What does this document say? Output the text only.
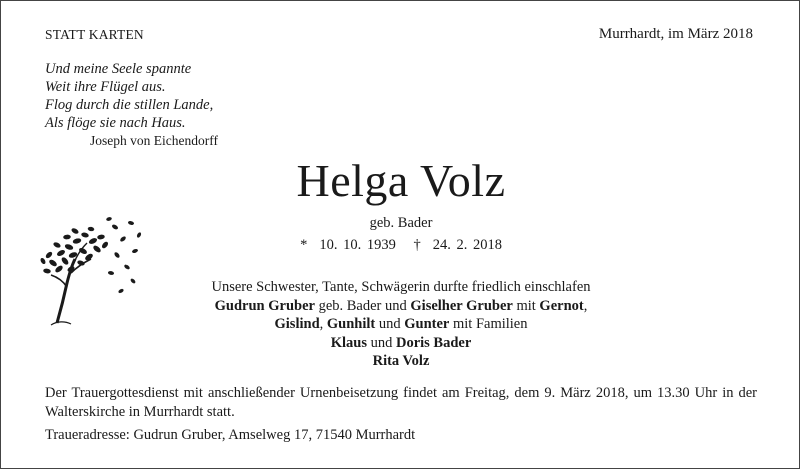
STATT KARTEN	Murrhardt, im März 2018
Und meine Seele spannte
Weit ihre Flügel aus.
Flog durch die stillen Lande,
Als flöge sie nach Haus.
Joseph von Eichendorff
Helga Volz
geb. Bader
* 10. 10. 1939 † 24. 2. 2018
Unsere Schwester, Tante, Schwägerin durfte friedlich einschlafen
Gudrun Gruber geb. Bader und Giselher Gruber mit Gernot,
Gislind, Gunhilt und Gunter mit Familien
Klaus und Doris Bader
Rita Volz
Der Trauergottesdienst mit anschließender Urnenbeisetzung findet am Freitag, dem 9. März 2018, um 13.30 Uhr in der Walterskirche in Murrhardt statt.
Traueradresse: Gudrun Gruber, Amselweg 17, 71540 Murrhardt
